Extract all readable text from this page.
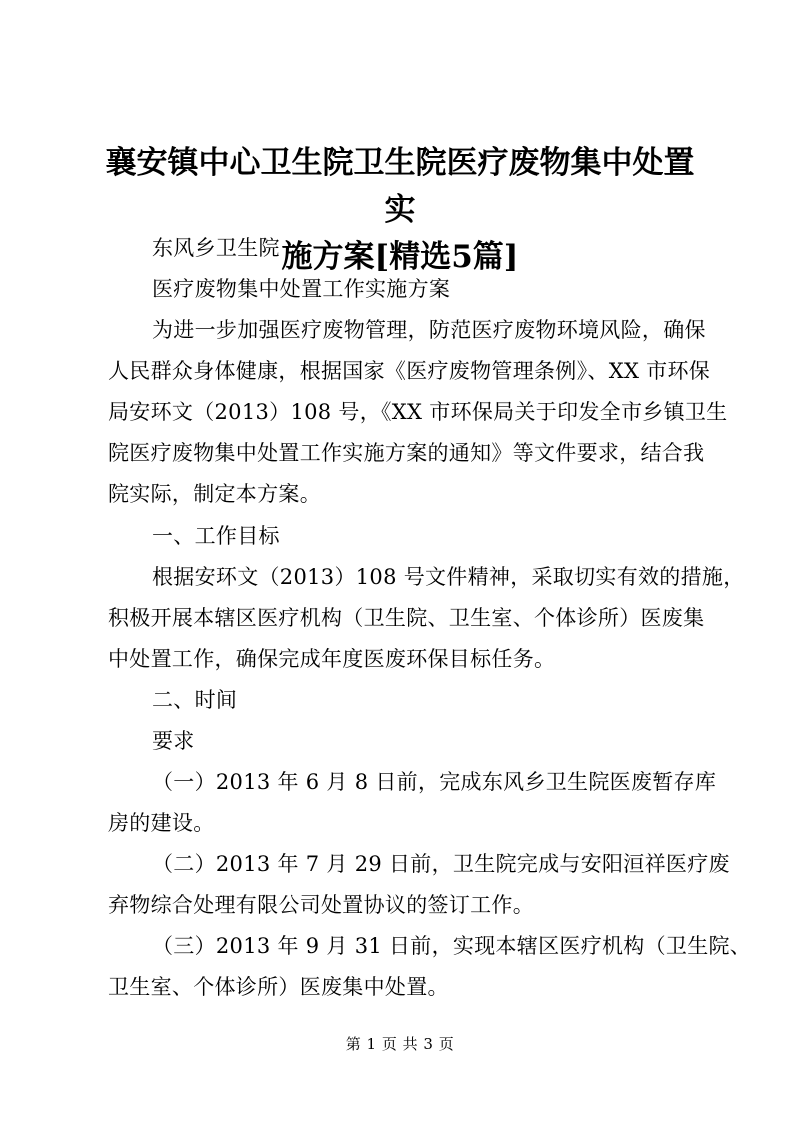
襄安镇中心卫生院卫生院医疗废物集中处置实
施方案[精选5篇]
东风乡卫生院
医疗废物集中处置工作实施方案
为进一步加强医疗废物管理，防范医疗废物环境风险，确保
人民群众身体健康，根据国家《医疗废物管理条例》、XX 市环保
局安环文（2013）108 号，《XX 市环保局关于印发全市乡镇卫生
院医疗废物集中处置工作实施方案的通知》等文件要求，结合我
院实际，制定本方案。
一、工作目标
根据安环文（2013）108 号文件精神，采取切实有效的措施，
积极开展本辖区医疗机构（卫生院、卫生室、个体诊所）医废集
中处置工作，确保完成年度医废环保目标任务。
二、时间
要求
（一）2013 年 6 月 8 日前，完成东风乡卫生院医废暂存库
房的建设。
（二）2013 年 7 月 29 日前，卫生院完成与安阳洹祥医疗废
弃物综合处理有限公司处置协议的签订工作。
（三）2013 年 9 月 31 日前，实现本辖区医疗机构（卫生院、
卫生室、个体诊所）医废集中处置。
第 1 页 共 3 页
